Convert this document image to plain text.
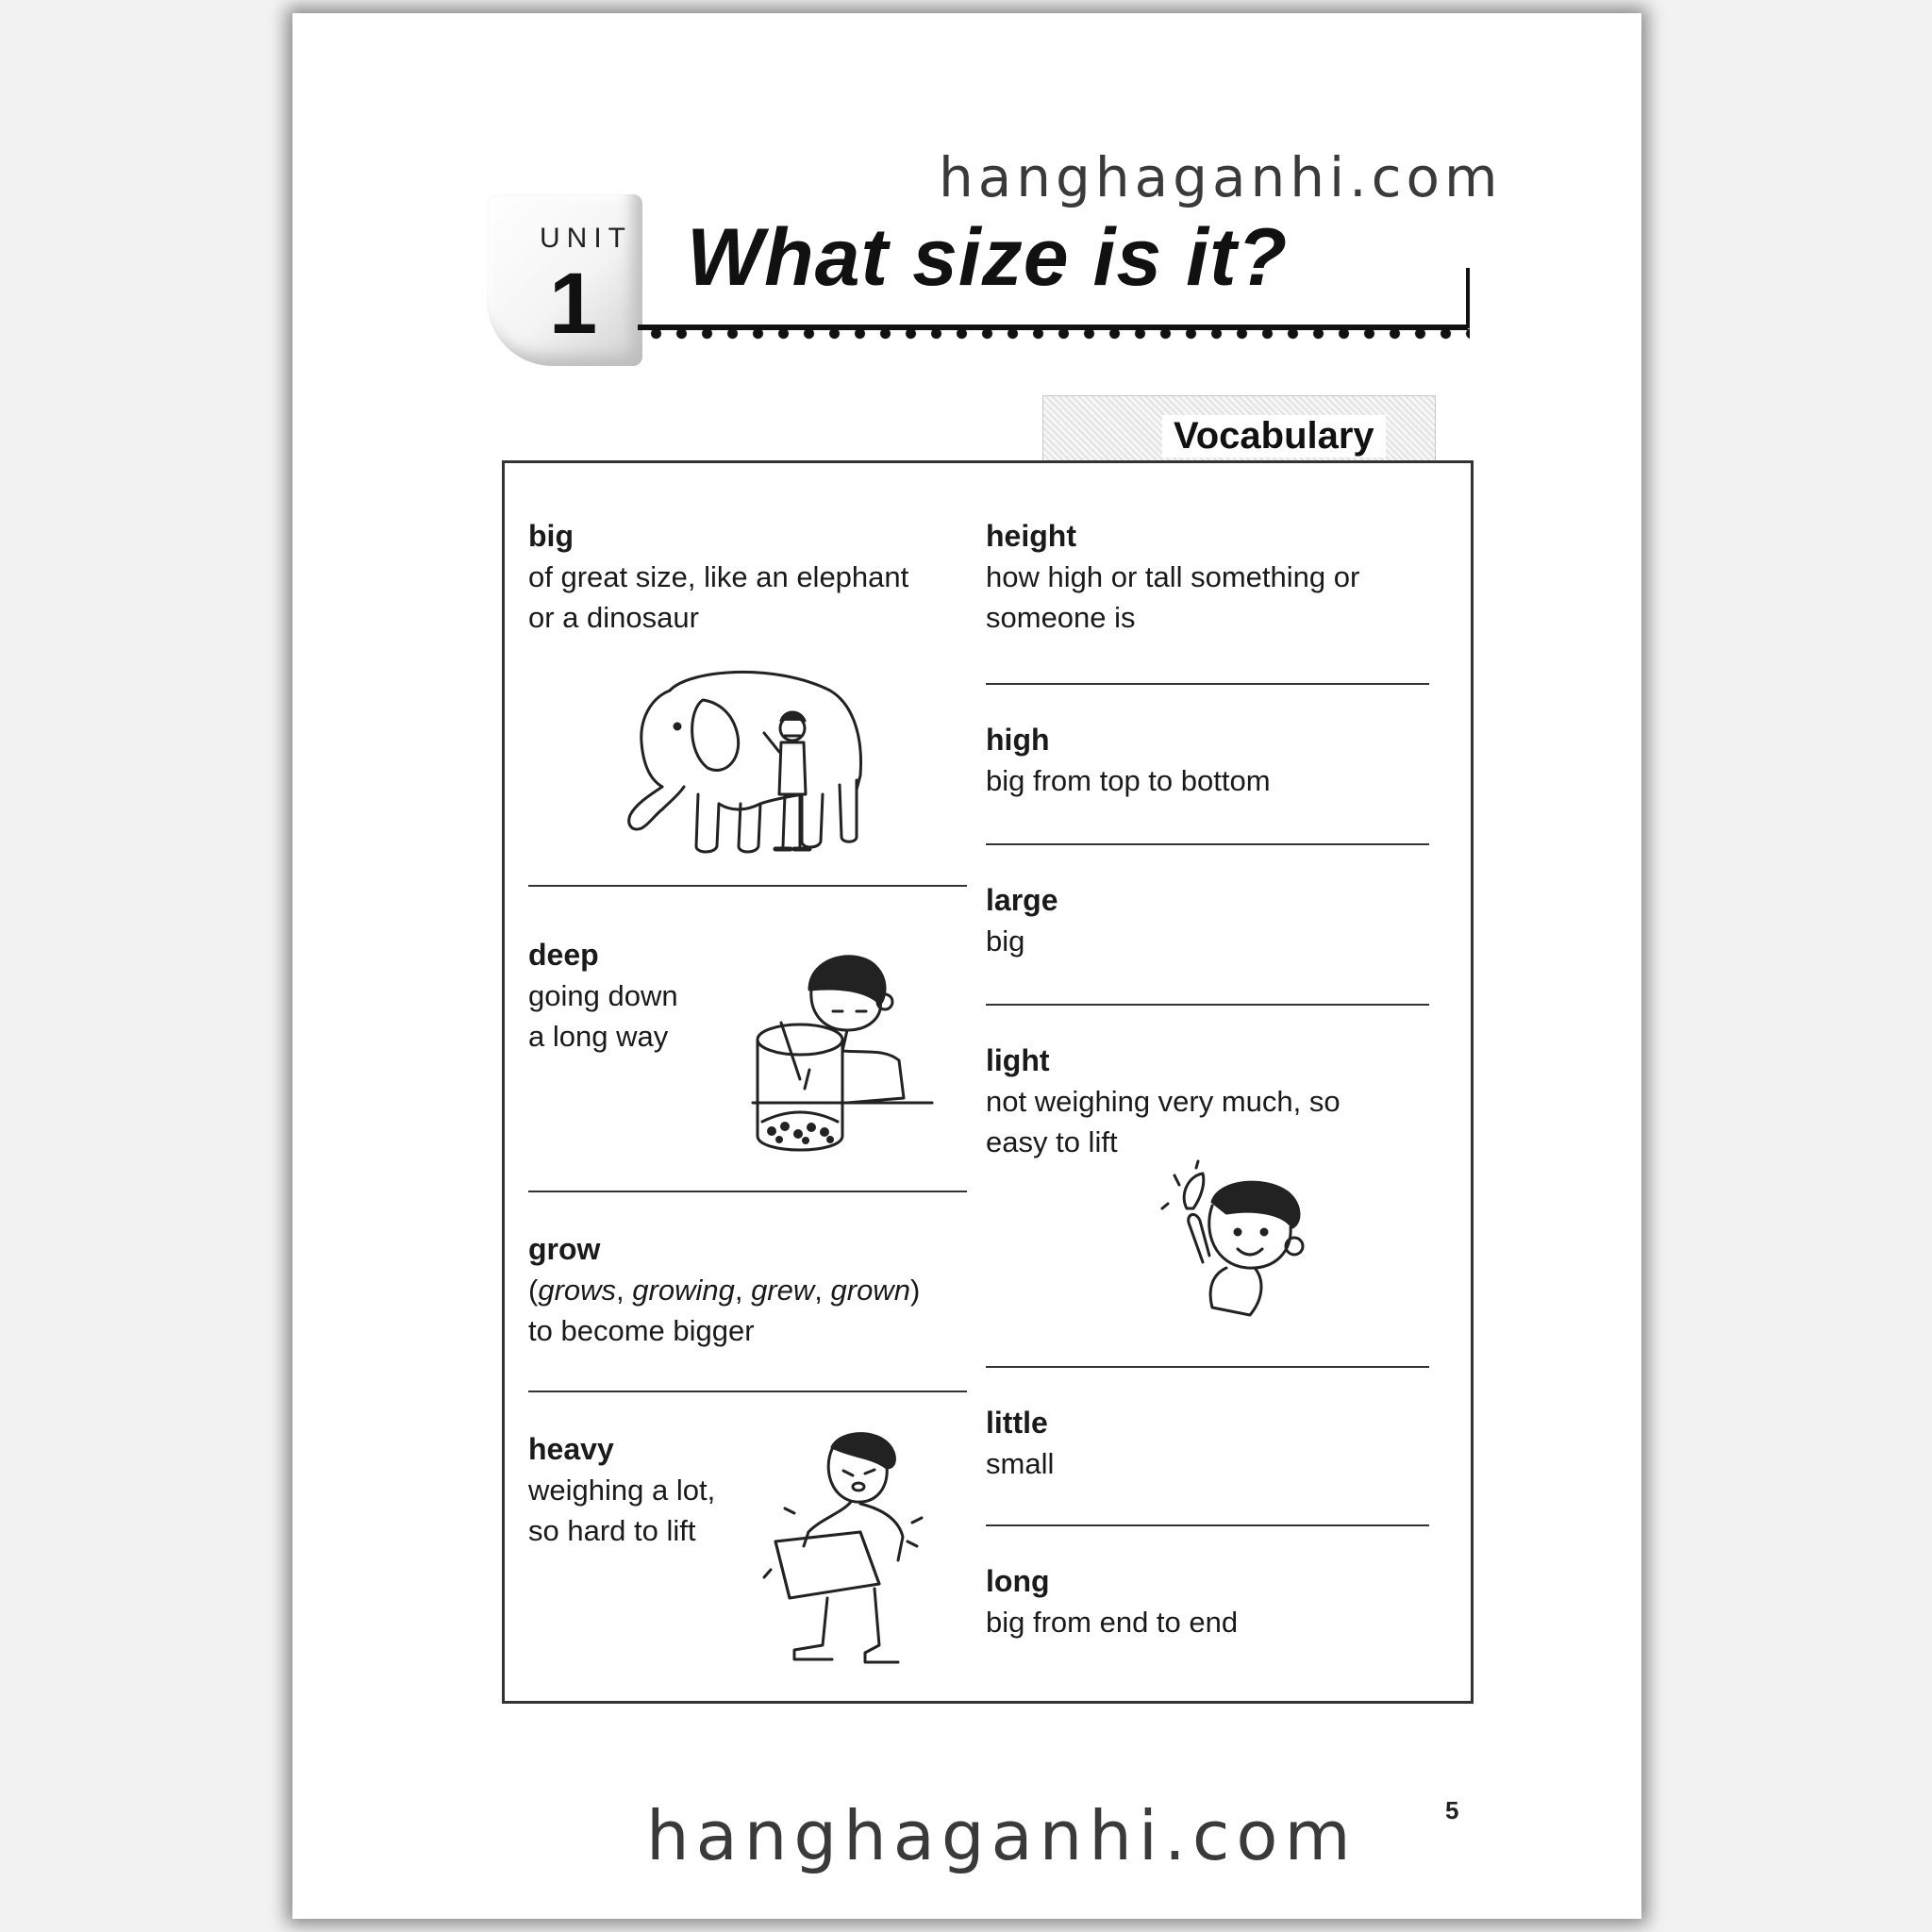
hanghaganhi.com
UNIT
1 What size is it?
Vocabulary
big
of great size, like an elephant
or a dinosaur
deep
going down
a long way
grow
(grows, growing, grew, grown)
to become bigger
heavy
weighing a lot,
so hard to lift
height
how high or tall something or
someone is
high
big from top to bottom
large
big
light
not weighing very much, so
easy to lift
little
small
long
big from end to end
5
hanghaganhi.com
